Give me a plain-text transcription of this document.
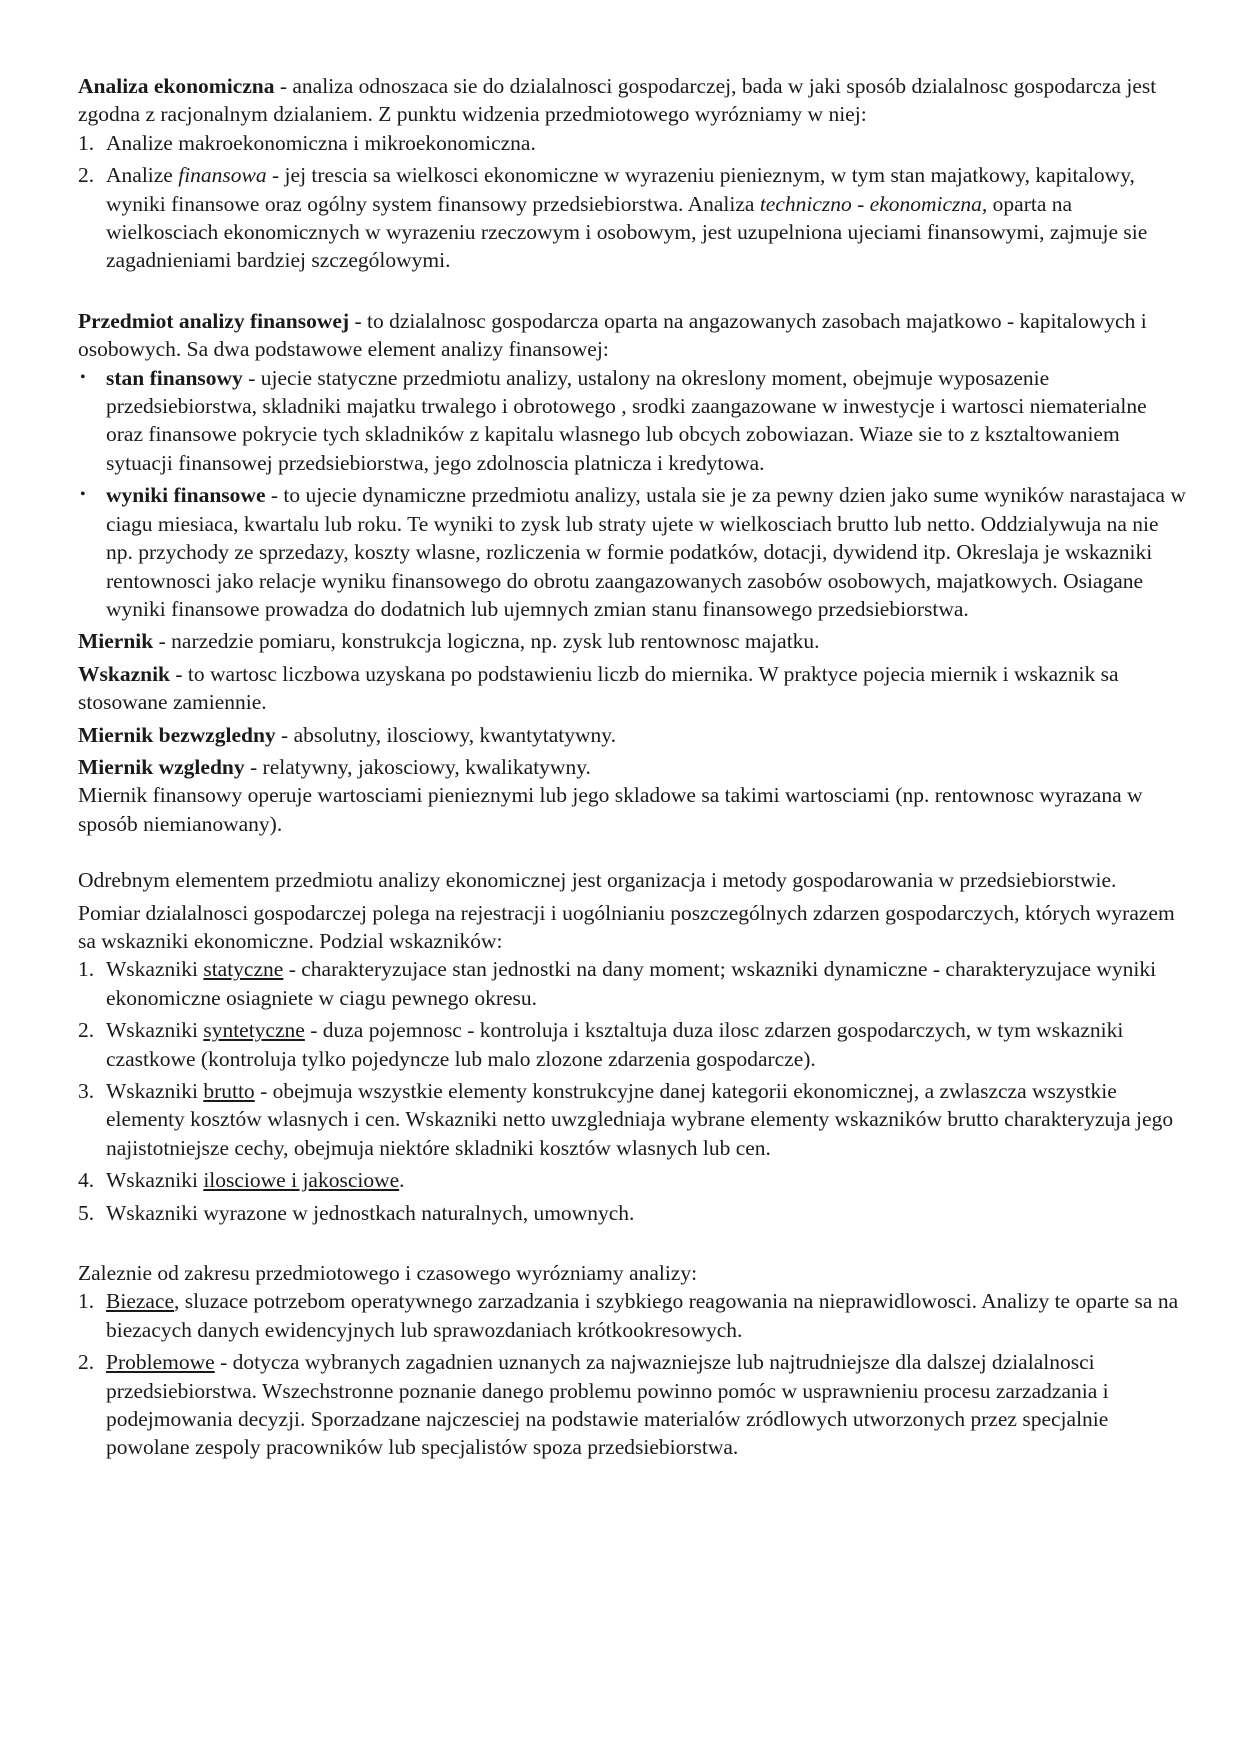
Analiza ekonomiczna - analiza odnoszaca sie do dzialalnosci gospodarczej, bada w jaki sposób dzialalnosc gospodarcza jest zgodna z racjonalnym dzialaniem. Z punktu widzenia przedmiotowego wyrózniamy w niej:

1. Analize makroekonomiczna i mikroekonomiczna.
2. Analize finansowa - jej trescia sa wielkosci ekonomiczne w wyrazeniu pienieznym, w tym stan majatkowy, kapitalowy, wyniki finansowe oraz ogólny system finansowy przedsiebiorstwa. Analiza techniczno - ekonomiczna, oparta na wielkosciach ekonomicznych w wyrazeniu rzeczowym i osobowym, jest uzupelniona ujeciami finansowymi, zajmuje sie zagadnieniami bardziej szczególowymi.

Przedmiot analizy finansowej - to dzialalnosc gospodarcza oparta na angazowanych zasobach majatkowo - kapitalowych i osobowych. Sa dwa podstawowe element analizy finansowej:

• stan finansowy - ujecie statyczne przedmiotu analizy, ustalony na okreslony moment, obejmuje wyposazenie przedsiebiorstwa, skladniki majatku trwalego i obrotowego , srodki zaangazowane w inwestycje i wartosci niematerialne oraz finansowe pokrycie tych skladników z kapitalu wlasnego lub obcych zobowiazan. Wiaze sie to z ksztaltowaniem sytuacji finansowej przedsiebiorstwa, jego zdolnoscia platnicza i kredytowa.
• wyniki finansowe - to ujecie dynamiczne przedmiotu analizy, ustala sie je za pewny dzien jako sume wyników narastajaca w ciagu miesiaca, kwartalu lub roku. Te wyniki to zysk lub straty ujete w wielkosciach brutto lub netto. Oddzialywuja na nie np. przychody ze sprzedazy, koszty wlasne, rozliczenia w formie podatków, dotacji, dywidend itp. Okreslaja je wskazniki rentownosci jako relacje wyniku finansowego do obrotu zaangazowanych zasobów osobowych, majatkowych. Osiagane wyniki finansowe prowadza do dodatnich lub ujemnych zmian stanu finansowego przedsiebiorstwa.

Miernik - narzedzie pomiaru, konstrukcja logiczna, np. zysk lub rentownosc majatku.

Wskaznik - to wartosc liczbowa uzyskana po podstawieniu liczb do miernika. W praktyce pojecia miernik i wskaznik sa stosowane zamiennie.

Miernik bezwzgledny - absolutny, ilosciowy, kwantytatywny.

Miernik wzgledny - relatywny, jakosciowy, kwalikatywny.

Miernik finansowy operuje wartosciami pienieznymi lub jego skladowe sa takimi wartosciami (np. rentownosc wyrazana w sposób niemianowany).

Odrebnym elementem przedmiotu analizy ekonomicznej jest organizacja i metody gospodarowania w przedsiebiorstwie.

Pomiar dzialalnosci gospodarczej polega na rejestracji i uogólnianiu poszczególnych zdarzen gospodarczych, których wyrazem sa wskazniki ekonomiczne. Podzial wskazników:

1. Wskazniki statyczne - charakteryzujace stan jednostki na dany moment; wskazniki dynamiczne - charakteryzujace wyniki ekonomiczne osiagniete w ciagu pewnego okresu.
2. Wskazniki syntetyczne - duza pojemnosc - kontroluja i ksztaltuja duza ilosc zdarzen gospodarczych, w tym wskazniki czastkowe (kontroluja tylko pojedyncze lub malo zlozone zdarzenia gospodarcze).
3. Wskazniki brutto - obejmuja wszystkie elementy konstrukcyjne danej kategorii ekonomicznej, a zwlaszcza wszystkie elementy kosztów wlasnych i cen. Wskazniki netto uwzgledniaja wybrane elementy wskazników brutto charakteryzuja jego najistotniejsze cechy, obejmuja niektóre skladniki kosztów wlasnych lub cen.
4. Wskazniki ilosciowe i jakosciowe.
5. Wskazniki wyrazone w jednostkach naturalnych, umownych.

Zaleznie od zakresu przedmiotowego i czasowego wyrózniamy analizy:

1. Biezace, sluzace potrzebom operatywnego zarzadzania i szybkiego reagowania na nieprawidlowosci. Analizy te oparte sa na biezacych danych ewidencyjnych lub sprawozdaniach krótkookresowych.
2. Problemowe - dotycza wybranych zagadnien uznanych za najwazniejsze lub najtrudniejsze dla dalszej dzialalnosci przedsiebiorstwa. Wszechstronne poznanie danego problemu powinno pomóc w usprawnieniu procesu zarzadzania i podejmowania decyzji. Sporzadzane najczesciej na podstawie materialów zródlowych utworzonych przez specjalnie powolane zespoly pracowników lub specjalistów spoza przedsiebiorstwa.
